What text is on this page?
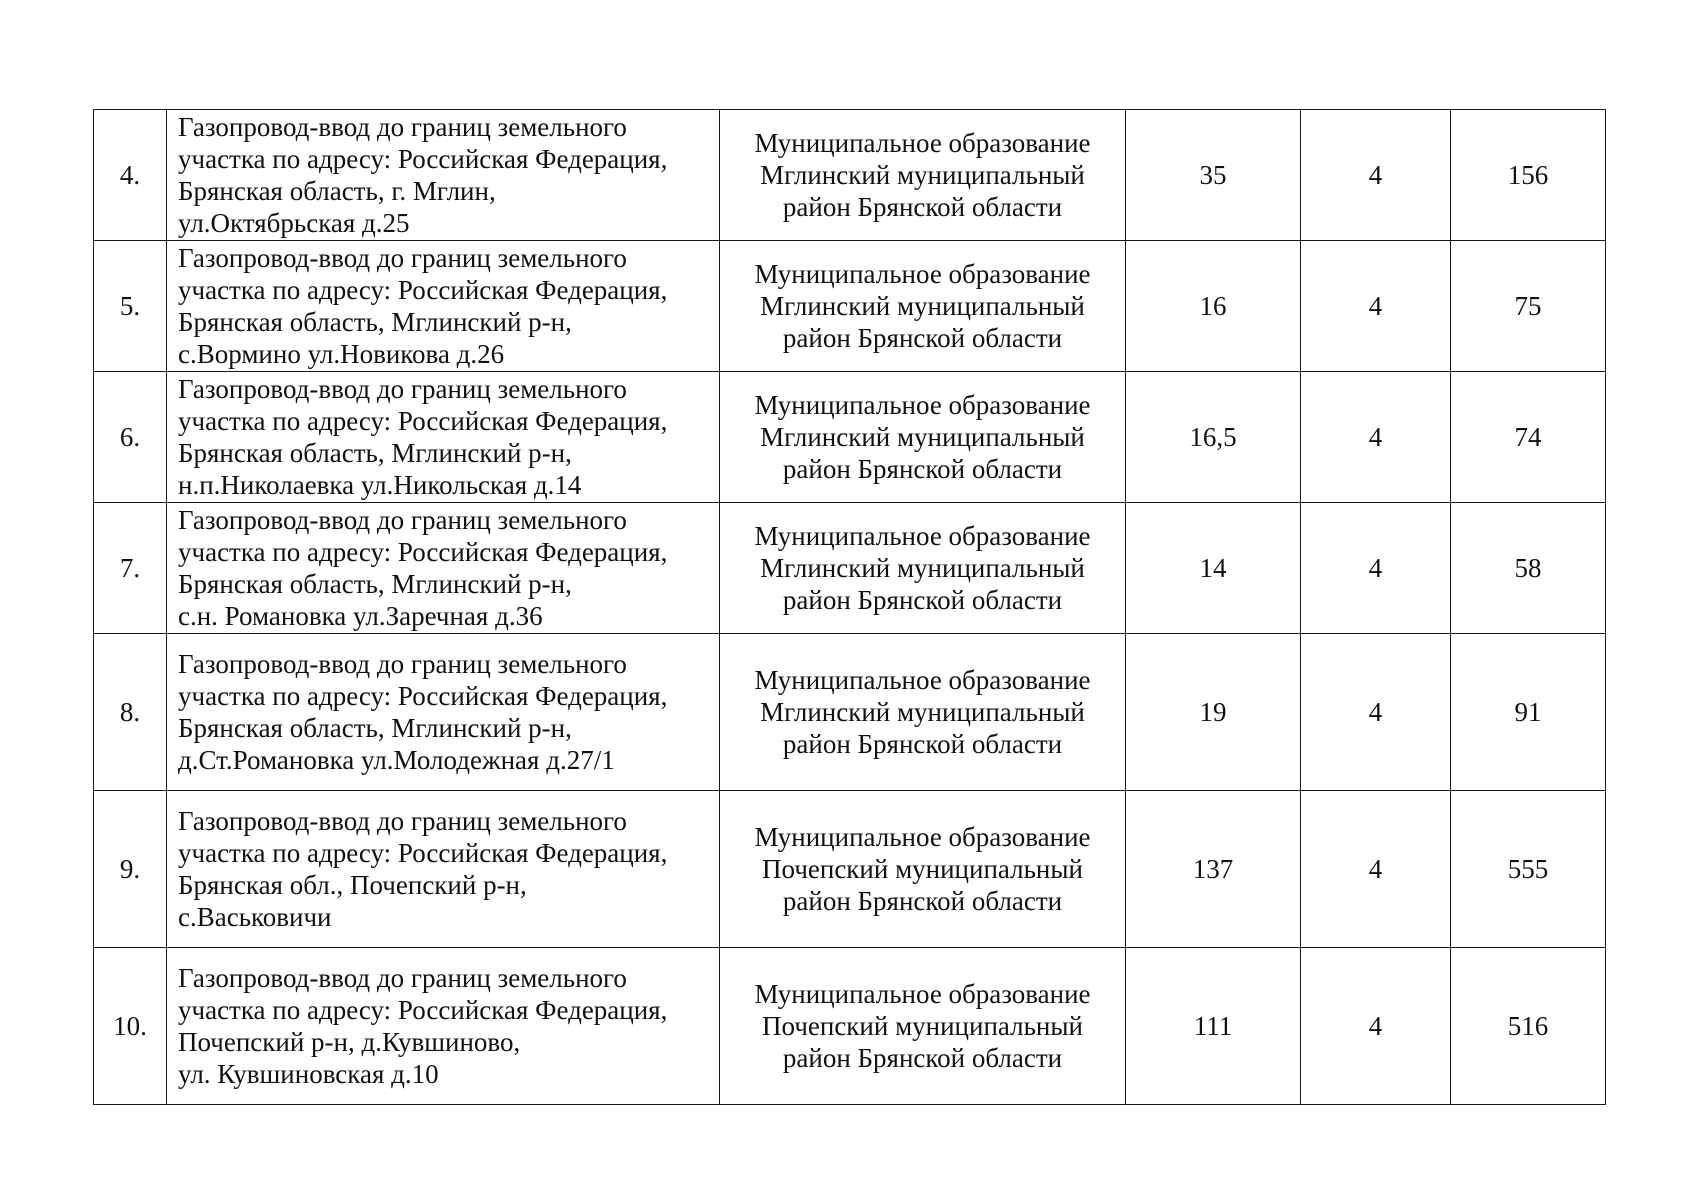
4.	Газопровод-ввод до границ земельного
участка по адресу: Российская Федерация,
Брянская область, г. Мглин,
ул.Октябрьская д.25	Муниципальное образование
Мглинский муниципальный
район Брянской области	35	4	156
5.	Газопровод-ввод до границ земельного
участка по адресу: Российская Федерация,
Брянская область, Мглинский р-н,
с.Вормино ул.Новикова д.26	Муниципальное образование
Мглинский муниципальный
район Брянской области	16	4	75
6.	Газопровод-ввод до границ земельного
участка по адресу: Российская Федерация,
Брянская область, Мглинский р-н,
н.п.Николаевка ул.Никольская д.14	Муниципальное образование
Мглинский муниципальный
район Брянской области	16,5	4	74
7.	Газопровод-ввод до границ земельного
участка по адресу: Российская Федерация,
Брянская область, Мглинский р-н,
с.н. Романовка ул.Заречная д.36	Муниципальное образование
Мглинский муниципальный
район Брянской области	14	4	58
8.	Газопровод-ввод до границ земельного
участка по адресу: Российская Федерация,
Брянская область, Мглинский р-н,
д.Ст.Романовка ул.Молодежная д.27/1	Муниципальное образование
Мглинский муниципальный
район Брянской области	19	4	91
9.	Газопровод-ввод до границ земельного
участка по адресу: Российская Федерация,
Брянская обл., Почепский р-н,
с.Васьковичи	Муниципальное образование
Почепский муниципальный
район Брянской области	137	4	555
10.	Газопровод-ввод до границ земельного
участка по адресу: Российская Федерация,
Почепский р-н, д.Кувшиново,
ул. Кувшиновская д.10	Муниципальное образование
Почепский муниципальный
район Брянской области	111	4	516
